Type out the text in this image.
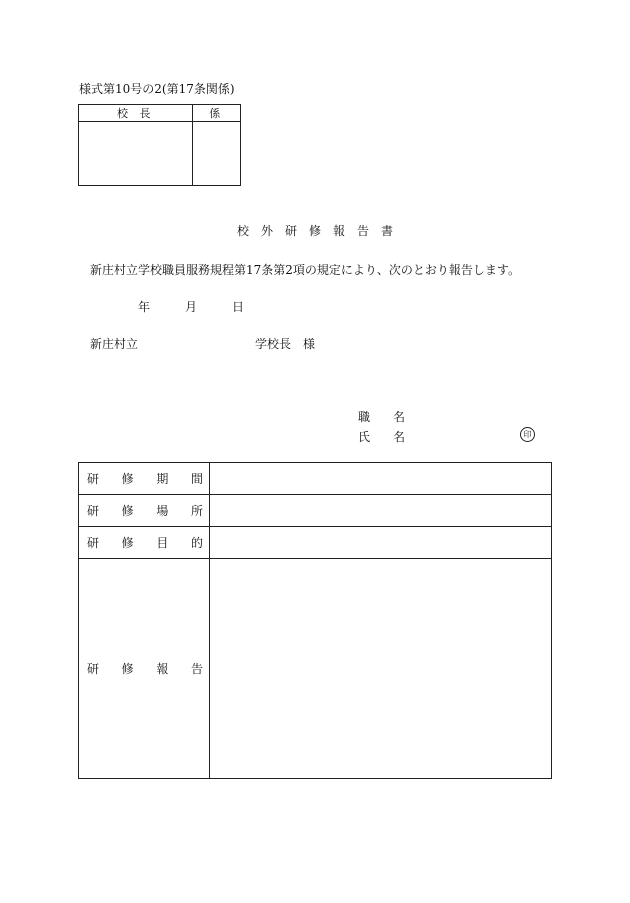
様式第10号の2(第17条関係)
校 長	係

校 外 研 修 報 告 書
新庄村立学校職員服務規程第17条第2項の規定により、次のとおり報告します。
年	月	日
新庄村立	学校長　様
職 名
氏 名	印
研 修 期 間	

研 修 場 所	

研 修 目 的	

研 修 報 告	
